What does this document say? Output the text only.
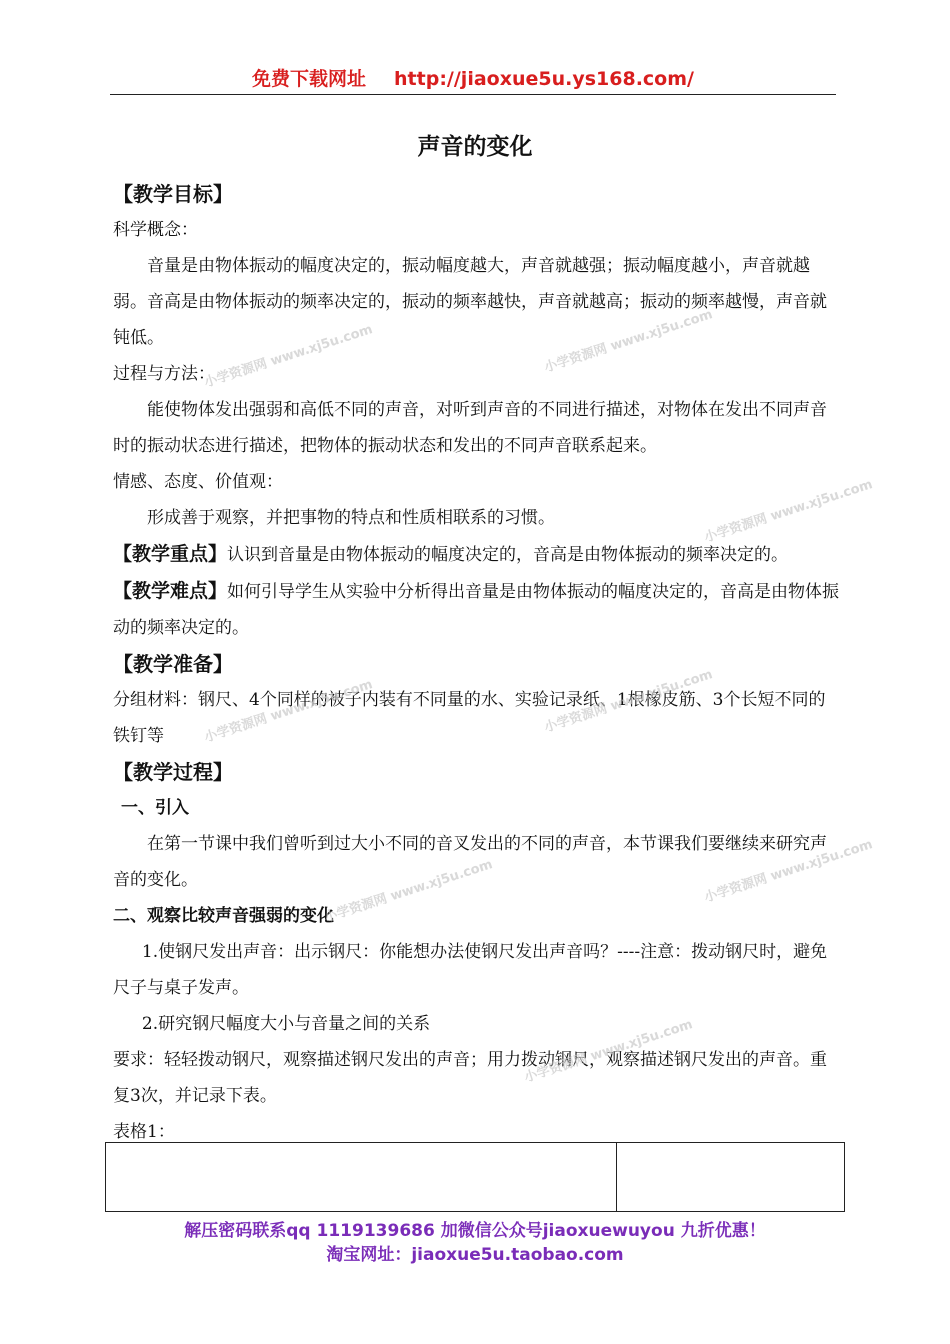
免费下载网址 http://jiaoxue5u.ys168.com/
声音的变化

【教学目标】

科学概念：

音量是由物体振动的幅度决定的，振动幅度越大，声音就越强；振动幅度越小，声音就越弱。音高是由物体振动的频率决定的，振动的频率越快，声音就越高；振动的频率越慢，声音就钝低。

过程与方法：

能使物体发出强弱和高低不同的声音，对听到声音的不同进行描述，对物体在发出不同声音时的振动状态进行描述，把物体的振动状态和发出的不同声音联系起来。

情感、态度、价值观：

形成善于观察，并把事物的特点和性质相联系的习惯。

【教学重点】认识到音量是由物体振动的幅度决定的，音高是由物体振动的频率决定的。

【教学难点】如何引导学生从实验中分析得出音量是由物体振动的幅度决定的，音高是由物体振动的频率决定的。

【教学准备】

分组材料：钢尺、4个同样的被子内装有不同量的水、实验记录纸、1根橡皮筋、3个长短不同的铁钉等

【教学过程】

一、引入

在第一节课中我们曾听到过大小不同的音叉发出的不同的声音，本节课我们要继续来研究声音的变化。

二、观察比较声音强弱的变化

1.使钢尺发出声音：出示钢尺：你能想办法使钢尺发出声音吗？----注意：拨动钢尺时，避免尺子与桌子发声。

2.研究钢尺幅度大小与音量之间的关系

要求：轻轻拨动钢尺，观察描述钢尺发出的声音；用力拨动钢尺，观察描述钢尺发出的声音。重复3次，并记录下表。

表格1：

解压密码联系qq 1119139686 加微信公众号jiaoxuewuyou 九折优惠！
淘宝网址：jiaoxue5u.taobao.com
小学资源网 www.xj5u.com	小学资源网 www.xj5u.com
小学资源网 www.xj5u.com
小学资源网 www.xj5u.com	小学资源网 www.xj5u.com
小学资源网 www.xj5u.com
小学资源网 www.xj5u.com
小学资源网 www.xj5u.com
